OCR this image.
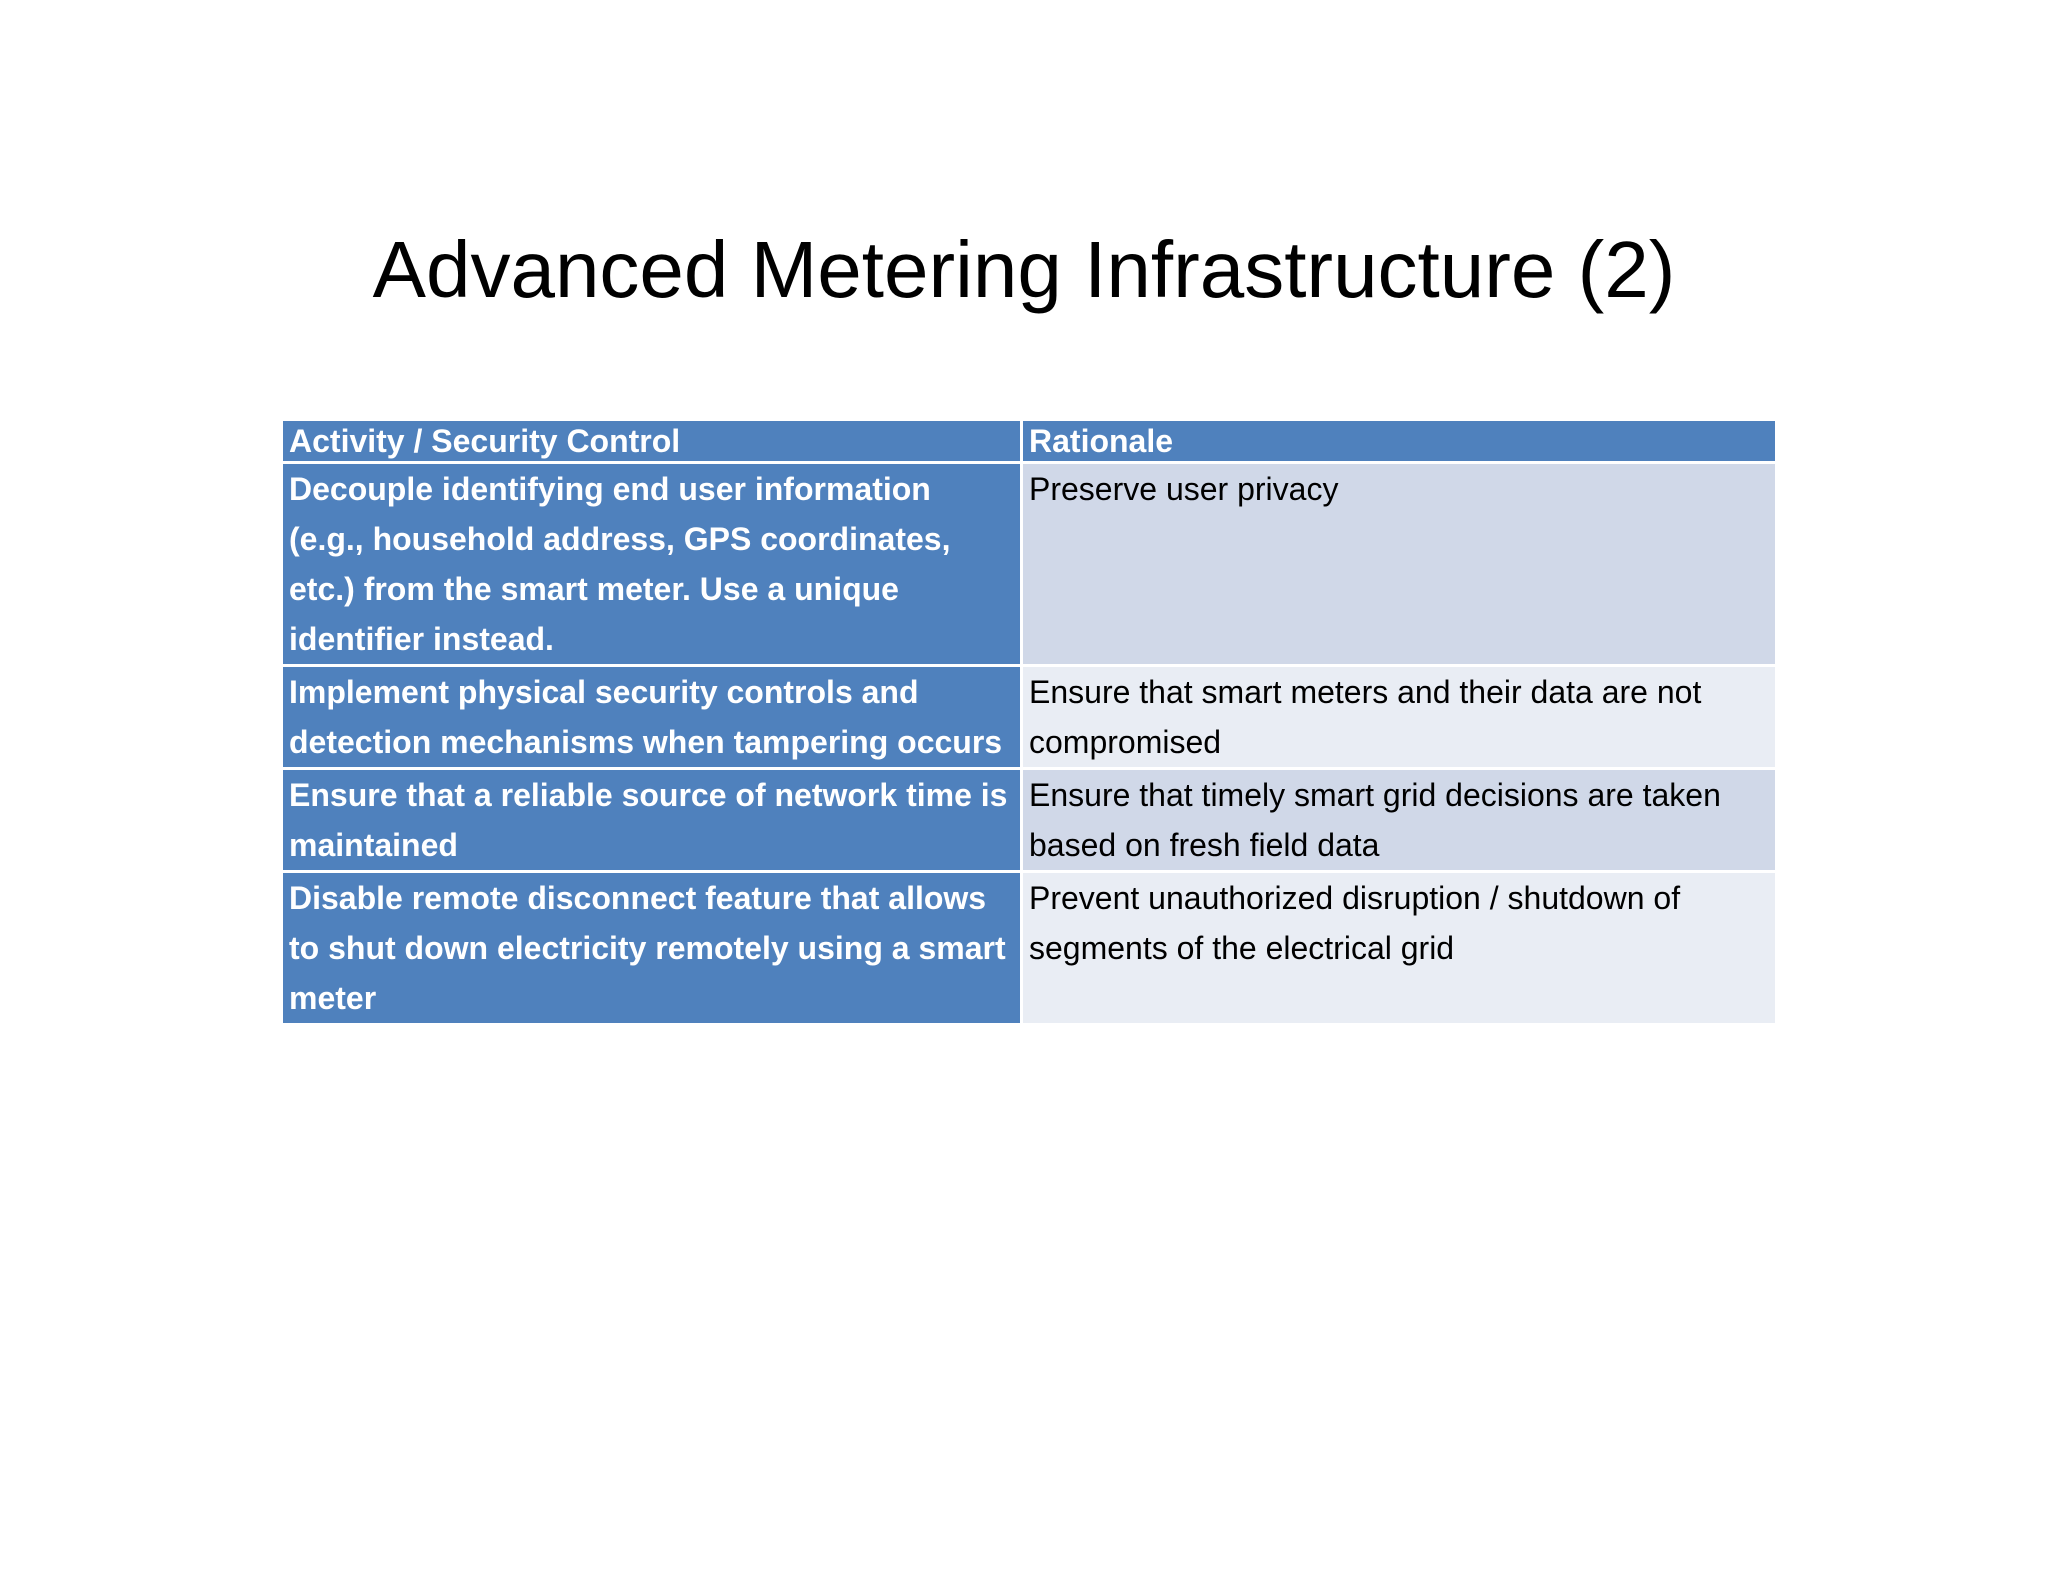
Advanced Metering Infrastructure (2)
Activity / Security Control	Rationale
Decouple identifying end user information (e.g., household address, GPS coordinates, etc.) from the smart meter. Use a unique identifier instead.	Preserve user privacy
Implement physical security controls and detection mechanisms when tampering occurs	Ensure that smart meters and their data are not compromised
Ensure that a reliable source of network time is maintained	Ensure that timely smart grid decisions are taken based on fresh field data
Disable remote disconnect feature that allows to shut down electricity remotely using a smart meter	Prevent unauthorized disruption / shutdown of segments of the electrical grid
